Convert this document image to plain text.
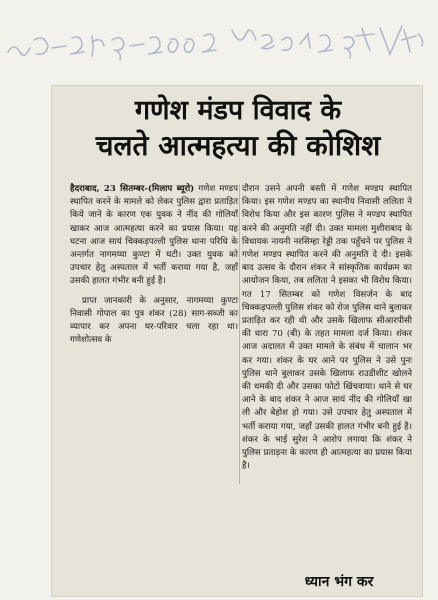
गणेश मंडप विवाद के
चलते आत्महत्या की कोशिश

हैदराबाद, 23 सितम्बर-(मिलाप ब्यूरो) गणेश मण्डप स्थापित करने के मामले को लेकर पुलिस द्वारा प्रताड़ित किये जाने के कारण एक युवक ने नींद की गोलियाँ खाकर आज आत्महत्या करने का प्रयास किया। यह घटना आज सायं चिक्कड़पल्ली पुलिस थाना परिधि के अन्तर्गत नागमय्या कुण्टा में घटी। उक्त युवक को उपचार हेतु अस्पताल में भर्ती कराया गया है, जहाँ उसकी हालत गंभीर बनी हुई है।

प्राप्त जानकारी के अनुसार, नागमय्या कुण्टा निवासी गोपाल का पुत्र शंकर (28) साग-सब्जी का व्यापार कर अपना घर-परिवार चला रहा था। गणेशोत्सव के

दौरान उसने अपनी बस्ती में गणेश मण्डप स्थापित किया। इस गणेश मण्डप का स्थानीय निवासी ललिता ने विरोध किया और इस कारण पुलिस ने मण्डप स्थापित करने की अनुमति नहीं दी। उक्त मामला मुशीराबाद के विधायक नायनी नरसिम्हा रेड्डी तक पहुँचने पर पुलिस ने गणेश मण्डप स्थापित करने की अनुमति दे दी। इसके बाद उत्सव के दौरान शंकर ने सांस्कृतिक कार्यक्रम का आयोजन किया, तब ललिता ने इसका भी विरोध किया। गत 17 सितम्बर को गणेश विसर्जन के बाद चिक्कड़पल्ली पुलिस शंकर को रोज पुलिस थाने बुलाकर प्रताड़ित कर रही थी और उसके खिलाफ सीआरपीसी की धारा 70 (बी) के तहत मामला दर्ज किया। शंकर आज अदालत में उक्त मामले के संबंध में चालान भर कर गया। शंकर के घर आने पर पुलिस ने उसे पुनः पुलिस थाने बुलाकर उसके खिलाफ राउडीशीट खोलने की धमकी दी और उसका फोटो खिंचवाया। थाने से घर आने के बाद शंकर ने आज सायं नींद की गोलियाँ खा ली और बेहोश हो गया। उसे उपचार हेतु अस्पताल में भर्ती कराया गया, जहाँ उसकी हालत गंभीर बनी हुई है। शंकर के भाई सुरेश ने आरोप लगाया कि शंकर ने पुलिस प्रताड़ना के कारण ही आत्महत्या का प्रयास किया है।

ध्यान भंग कर
